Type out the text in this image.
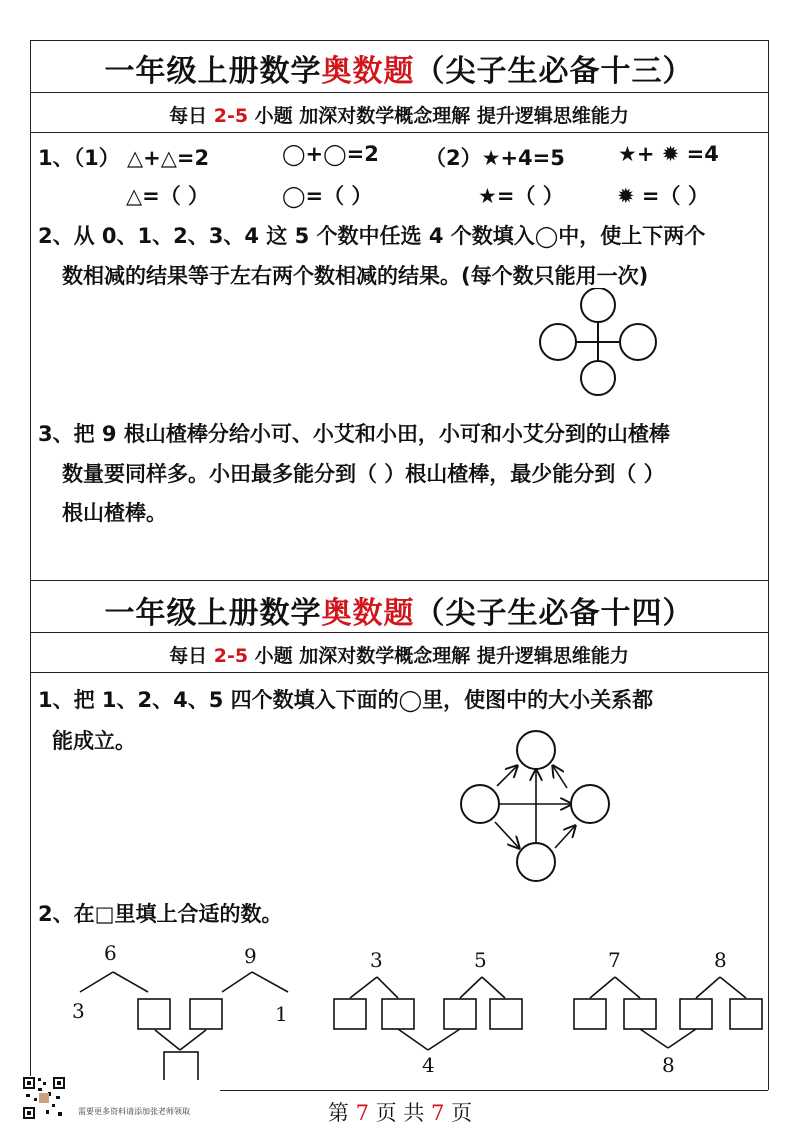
一年级上册数学奥数题（尖子生必备十三）
每日 2-5 小题 加深对数学概念理解 提升逻辑思维能力
1、（1） △+△=2	◯+◯=2 （2）★+4=5	★+ ✹ =4
△=（ ）	◯=（ ）	★=（ ）	✹ =（ ）
2、从 0、1、2、3、4 这 5 个数中任选 4 个数填入◯中，使上下两个
数相减的结果等于左右两个数相减的结果。(每个数只能用一次)
3、把 9 根山楂棒分给小可、小艾和小田，小可和小艾分到的山楂棒
数量要同样多。小田最多能分到（ ）根山楂棒，最少能分到（ ）
根山楂棒。
一年级上册数学奥数题（尖子生必备十四）
每日 2-5 小题 加深对数学概念理解 提升逻辑思维能力
1、把 1、2、4、5 四个数填入下面的◯里，使图中的大小关系都
能成立。
2、在□里填上合适的数。
6	9
3	1
3	5
4
7	8
8
需要更多资料请添加张老师领取	第 7 页 共 7 页
